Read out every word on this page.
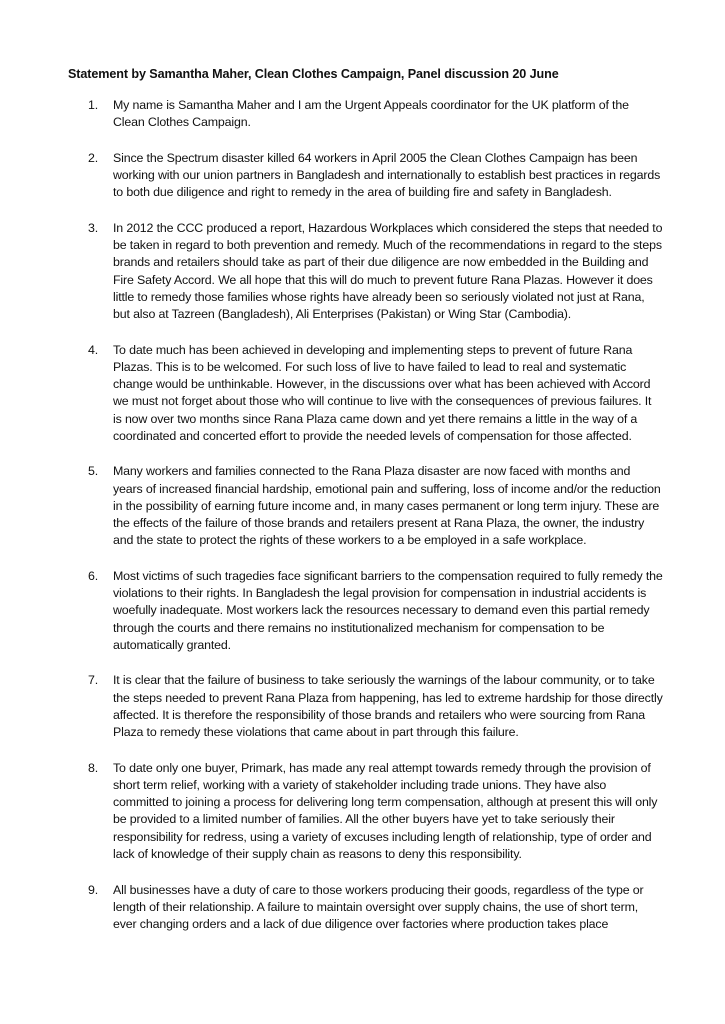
Statement by Samantha Maher, Clean Clothes Campaign, Panel discussion 20 June
1. My name is Samantha Maher and I am the Urgent Appeals coordinator for the UK platform of the Clean Clothes Campaign.
2. Since the Spectrum disaster killed 64 workers in April 2005 the Clean Clothes Campaign has been working with our union partners in Bangladesh and internationally to establish best practices in regards to both due diligence and right to remedy in the area of building fire and safety in Bangladesh.
3. In 2012 the CCC produced a report, Hazardous Workplaces which considered the steps that needed to be taken in regard to both prevention and remedy. Much of the recommendations in regard to the steps brands and retailers should take as part of their due diligence are now embedded in the Building and Fire Safety Accord. We all hope that this will do much to prevent future Rana Plazas. However it does little to remedy those families whose rights have already been so seriously violated not just at Rana, but also at Tazreen (Bangladesh), Ali Enterprises (Pakistan) or Wing Star (Cambodia).
4. To date much has been achieved in developing and implementing steps to prevent of future Rana Plazas. This is to be welcomed. For such loss of live to have failed to lead to real and systematic change would be unthinkable. However, in the discussions over what has been achieved with Accord we must not forget about those who will continue to live with the consequences of previous failures. It is now over two months since Rana Plaza came down and yet there remains a little in the way of a coordinated and concerted effort to provide the needed levels of compensation for those affected.
5. Many workers and families connected to the Rana Plaza disaster are now faced with months and years of increased financial hardship, emotional pain and suffering, loss of income and/or the reduction in the possibility of earning future income and, in many cases permanent or long term injury. These are the effects of the failure of those brands and retailers present at Rana Plaza, the owner, the industry and the state to protect the rights of these workers to a be employed in a safe workplace.
6. Most victims of such tragedies face significant barriers to the compensation required to fully remedy the violations to their rights. In Bangladesh the legal provision for compensation in industrial accidents is woefully inadequate. Most workers lack the resources necessary to demand even this partial remedy through the courts and there remains no institutionalized mechanism for compensation to be automatically granted.
7. It is clear that the failure of business to take seriously the warnings of the labour community, or to take the steps needed to prevent Rana Plaza from happening, has led to extreme hardship for those directly affected. It is therefore the responsibility of those brands and retailers who were sourcing from Rana Plaza to remedy these violations that came about in part through this failure.
8. To date only one buyer, Primark, has made any real attempt towards remedy through the provision of short term relief, working with a variety of stakeholder including trade unions. They have also committed to joining a process for delivering long term compensation, although at present this will only be provided to a limited number of families. All the other buyers have yet to take seriously their responsibility for redress, using a variety of excuses including length of relationship, type of order and lack of knowledge of their supply chain as reasons to deny this responsibility.
9. All businesses have a duty of care to those workers producing their goods, regardless of the type or length of their relationship. A failure to maintain oversight over supply chains, the use of short term, ever changing orders and a lack of due diligence over factories where production takes place
